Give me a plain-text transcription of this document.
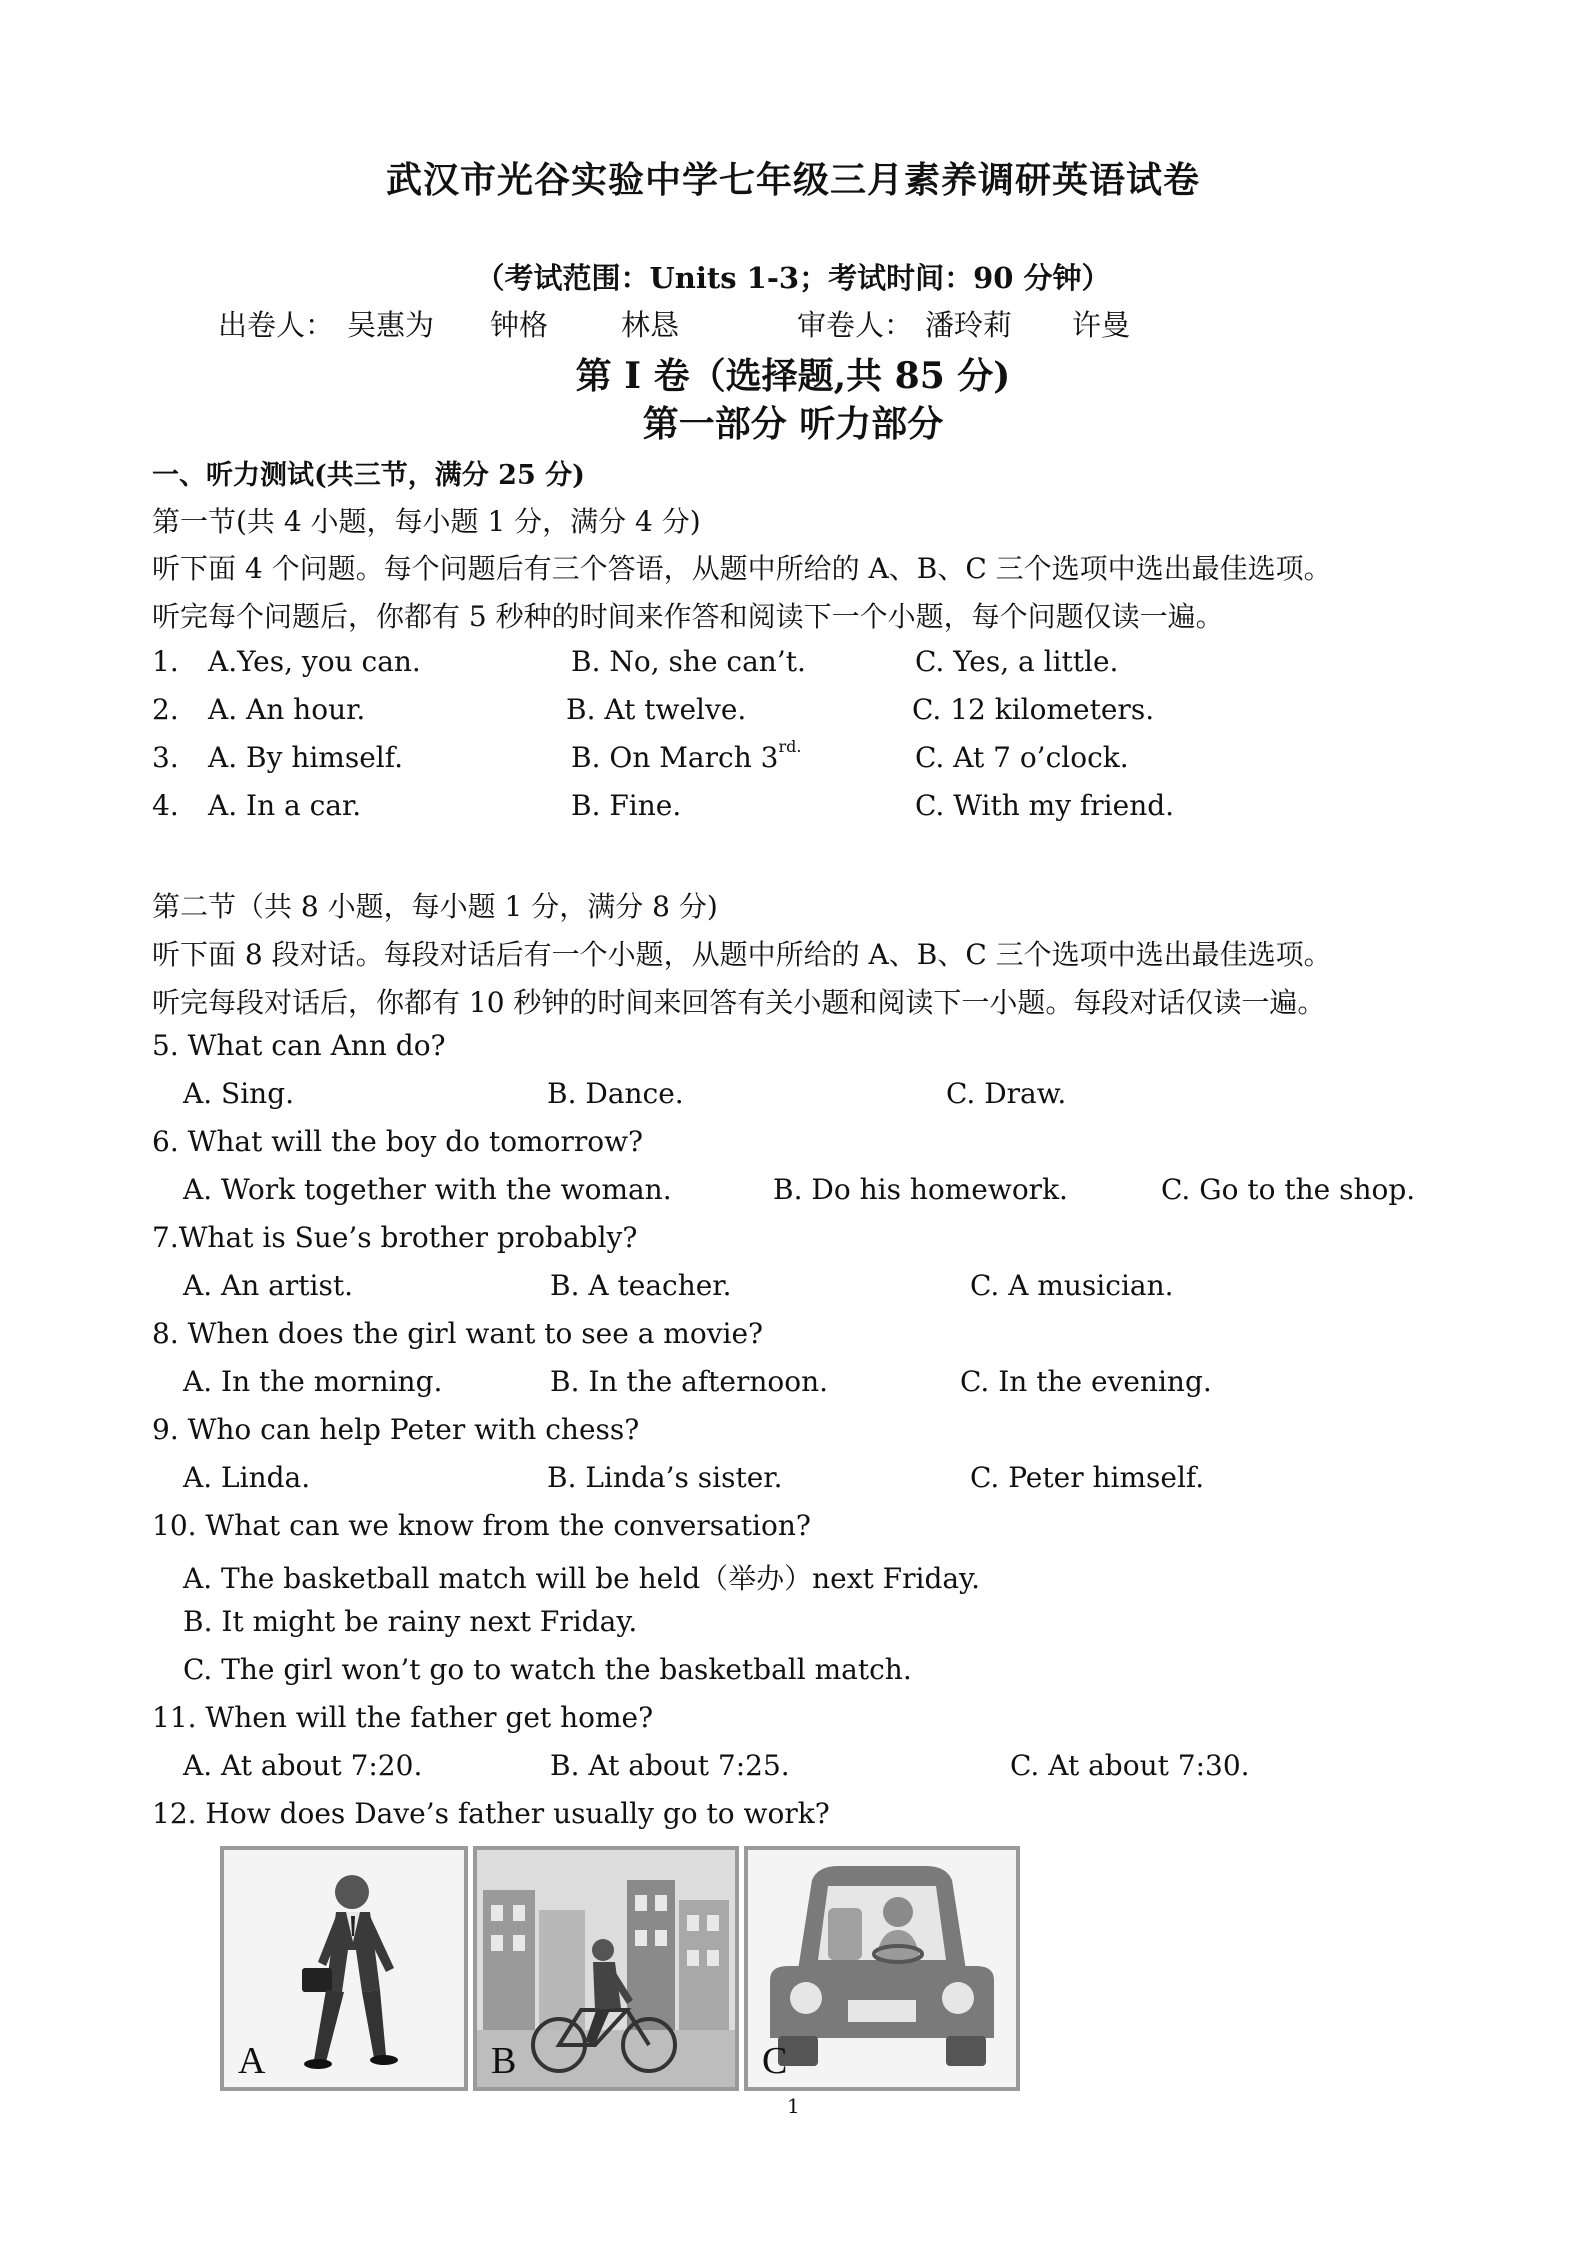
武汉市光谷实验中学七年级三月素养调研英语试卷
（考试范围：Units 1-3；考试时间：90 分钟）
出卷人： 吴惠为 钟格	林恳	审卷人： 潘玲莉 许曼
第 I 卷（选择题,共 85 分)
第一部分 听力部分
一、听力测试(共三节，满分 25 分)
第一节(共 4 小题，每小题 1 分，满分 4 分)
听下面 4 个问题。每个问题后有三个答语，从题中所给的 A、B、C 三个选项中选出最佳选项。
听完每个问题后，你都有 5 秒种的时间来作答和阅读下一个小题，每个问题仅读一遍。
1. A.Yes, you can.	B. No, she can’t.	C. Yes, a little.
2. A. An hour.	B. At twelve.	C. 12 kilometers.
3. A. By himself.	B. On March $3^{rd.}$	C. At 7 o’clock.
4. A. In a car.	B. Fine.	C. With my friend.
第二节（共 8 小题，每小题 1 分，满分 8 分)
听下面 8 段对话。每段对话后有一个小题，从题中所给的 A、B、C 三个选项中选出最佳选项。
听完每段对话后，你都有 10 秒钟的时间来回答有关小题和阅读下一小题。每段对话仅读一遍。
5. What can Ann do?
A. Sing.	B. Dance.	C. Draw.
6. What will the boy do tomorrow?
A. Work together with the woman.	B. Do his homework.	C. Go to the shop.
7.What is Sue’s brother probably?
A. An artist.	B. A teacher.	C. A musician.
8. When does the girl want to see a movie?
A. In the morning.	B. In the afternoon.	C. In the evening.
9. Who can help Peter with chess?
A. Linda.	B. Linda’s sister.	C. Peter himself.
10. What can we know from the conversation?
A. The basketball match will be held（举办）next Friday.
B. It might be rainy next Friday.
C. The girl won’t go to watch the basketball match.
11. When will the father get home?
A. At about 7:20.	B. At about 7:25.	C. At about 7:30.
12. How does Dave’s father usually go to work?
A	B	C
1
